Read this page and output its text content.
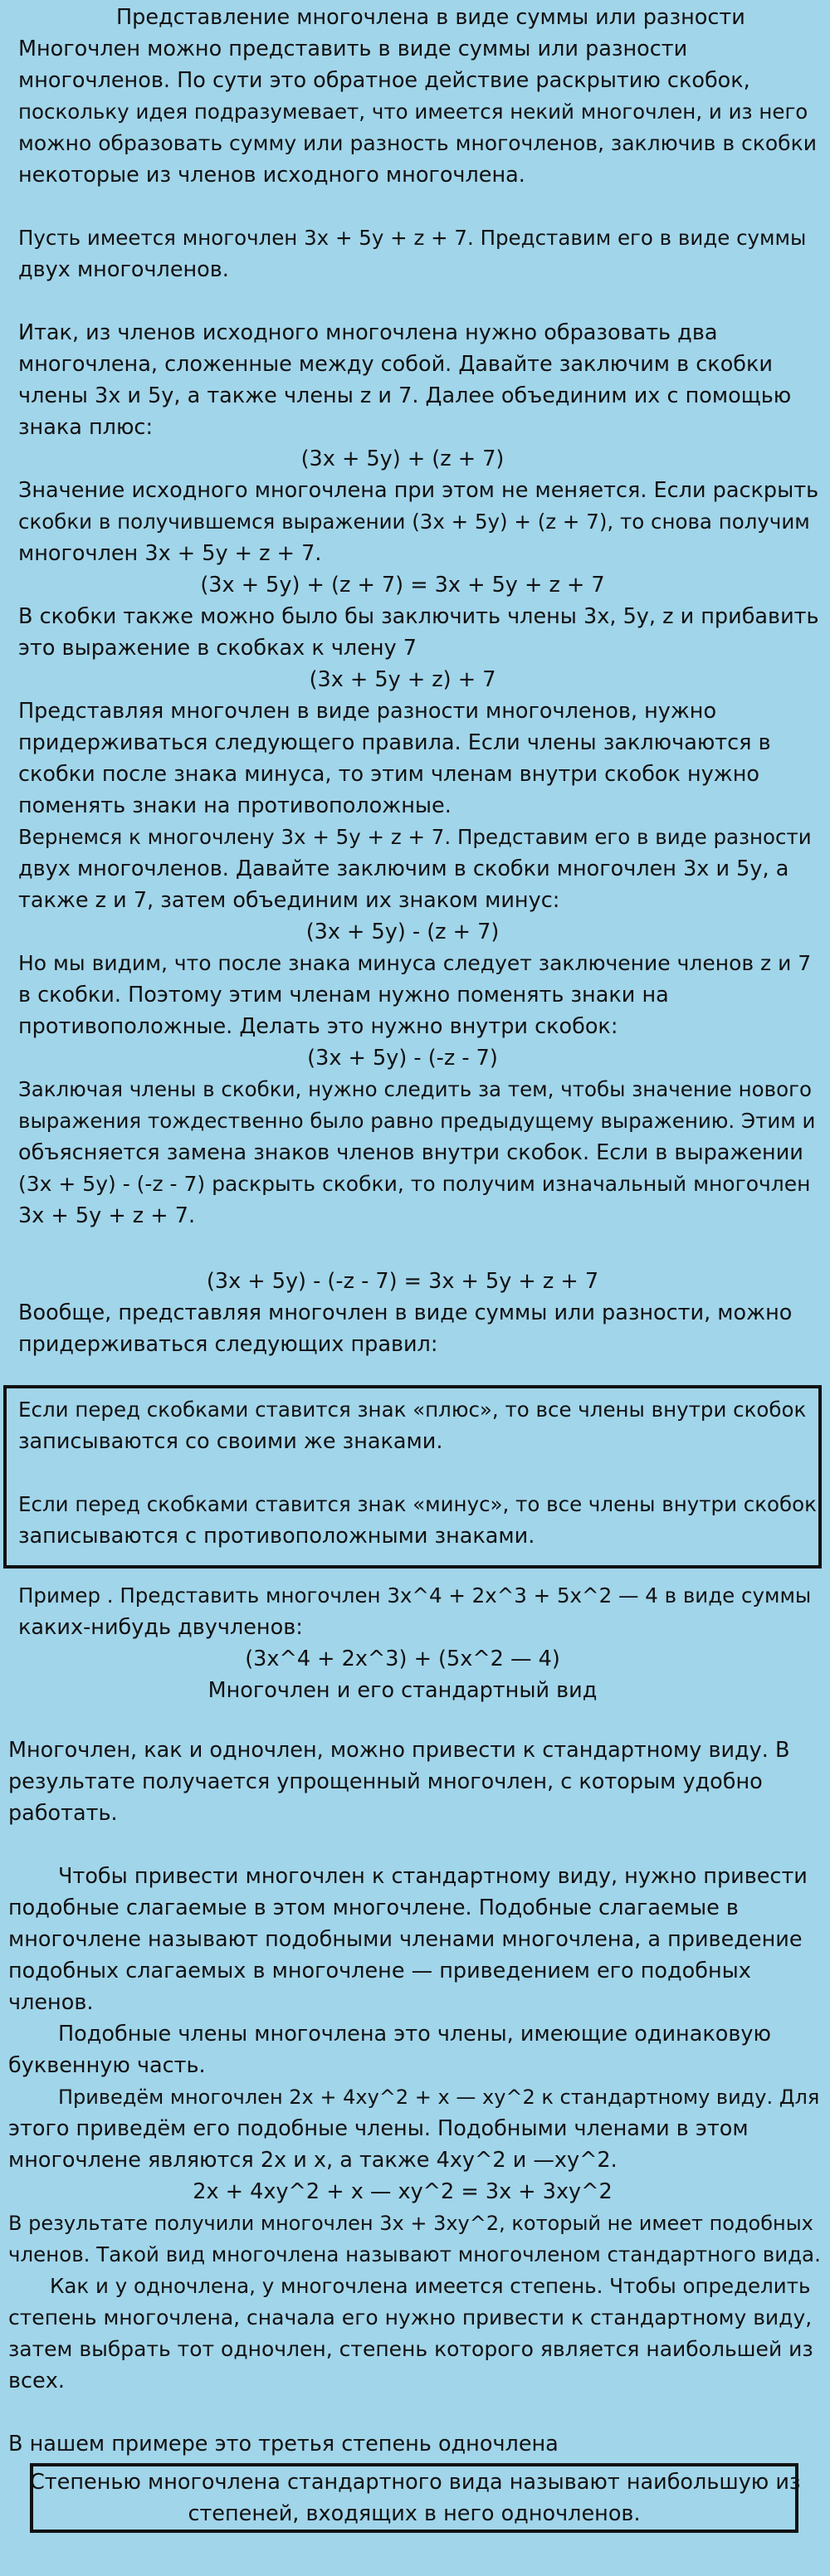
Представление многочлена в виде суммы или разности
Многочлен можно представить в виде суммы или разности
многочленов. По сути это обратное действие раскрытию скобок,
поскольку идея подразумевает, что имеется некий многочлен, и из него
можно образовать сумму или разность многочленов, заключив в скобки
некоторые из членов исходного многочлена.
Пусть имеется многочлен 3x + 5y + z + 7. Представим его в виде суммы
двух многочленов.
Итак, из членов исходного многочлена нужно образовать два
многочлена, сложенные между собой. Давайте заключим в скобки
члены 3x и 5y, а также члены z и 7. Далее объединим их с помощью
знака плюс:
(3x + 5y) + (z + 7)
Значение исходного многочлена при этом не меняется. Если раскрыть
скобки в получившемся выражении (3x + 5y) + (z + 7), то снова получим
многочлен 3x + 5y + z + 7.
(3x + 5y) + (z + 7) = 3x + 5y + z + 7
В скобки также можно было бы заключить члены 3x, 5y, z и прибавить
это выражение в скобках к члену 7
(3x + 5y + z) + 7
Представляя многочлен в виде разности многочленов, нужно
придерживаться следующего правила. Если члены заключаются в
скобки после знака минуса, то этим членам внутри скобок нужно
поменять знаки на противоположные.
Вернемся к многочлену 3x + 5y + z + 7. Представим его в виде разности
двух многочленов. Давайте заключим в скобки многочлен 3x и 5y, а
также z и 7, затем объединим их знаком минус:
(3x + 5y) - (z + 7)
Но мы видим, что после знака минуса следует заключение членов z и 7
в скобки. Поэтому этим членам нужно поменять знаки на
противоположные. Делать это нужно внутри скобок:
(3x + 5y) - (-z - 7)
Заключая члены в скобки, нужно следить за тем, чтобы значение нового
выражения тождественно было равно предыдущему выражению. Этим и
объясняется замена знаков членов внутри скобок. Если в выражении
(3x + 5y) - (-z - 7) раскрыть скобки, то получим изначальный многочлен
3x + 5y + z + 7.
(3x + 5y) - (-z - 7) = 3x + 5y + z + 7
Вообще, представляя многочлен в виде суммы или разности, можно
придерживаться следующих правил:
Если перед скобками ставится знак «плюс», то все члены внутри скобок
записываются со своими же знаками.
Если перед скобками ставится знак «минус», то все члены внутри скобок
записываются с противоположными знаками.
Пример . Представить многочлен 3x^4 + 2x^3 + 5x^2 — 4 в виде суммы
каких-нибудь двучленов:
(3x^4 + 2x^3) + (5x^2 — 4)
Многочлен и его стандартный вид
Многочлен, как и одночлен, можно привести к стандартному виду. В
результате получается упрощенный многочлен, с которым удобно
работать.
Чтобы привести многочлен к стандартному виду, нужно привести
подобные слагаемые в этом многочлене. Подобные слагаемые в
многочлене называют подобными членами многочлена, а приведение
подобных слагаемых в многочлене — приведением его подобных
членов.
Подобные члены многочлена это члены, имеющие одинаковую
буквенную часть.
Приведём многочлен 2x + 4xy^2 + x — xy^2 к стандартному виду. Для
этого приведём его подобные члены. Подобными членами в этом
многочлене являются 2x и x, а также 4xy^2 и —xy^2.
2x + 4xy^2 + x — xy^2 = 3x + 3xy^2
В результате получили многочлен 3x + 3xy^2, который не имеет подобных
членов. Такой вид многочлена называют многочленом стандартного вида.
Как и у одночлена, у многочлена имеется степень. Чтобы определить
степень многочлена, сначала его нужно привести к стандартному виду,
затем выбрать тот одночлен, степень которого является наибольшей из
всех.
В нашем примере это третья степень одночлена
Степенью многочлена стандартного вида называют наибольшую из
степеней, входящих в него одночленов.
